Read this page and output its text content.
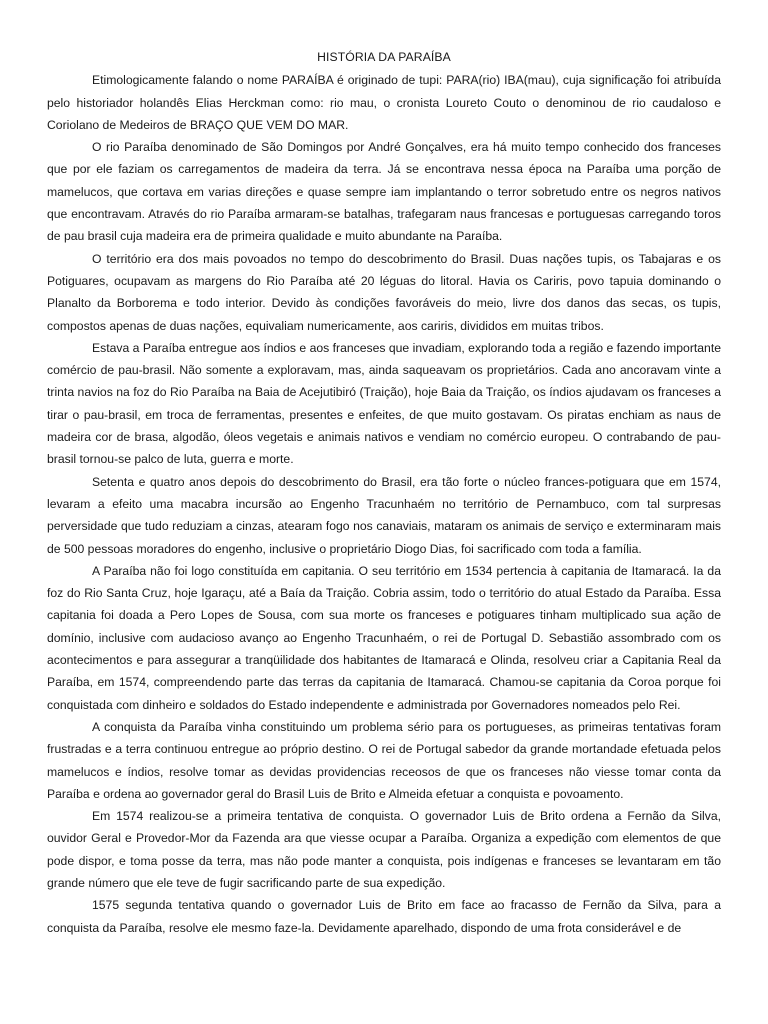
HISTÓRIA DA PARAÍBA

Etimologicamente falando o nome PARAÍBA é originado de tupi: PARA(rio) IBA(mau), cuja significação foi atribuída pelo historiador holandês Elias Herckman como: rio mau, o cronista Loureto Couto o denominou de rio caudaloso e Coriolano de Medeiros de BRAÇO QUE VEM DO MAR.

O rio Paraíba denominado de São Domingos por André Gonçalves, era há muito tempo conhecido dos franceses que por ele faziam os carregamentos de madeira da terra. Já se encontrava nessa época na Paraíba uma porção de mamelucos, que cortava em varias direções e quase sempre iam implantando o terror sobretudo entre os negros nativos que encontravam. Através do rio Paraíba armaram-se batalhas, trafegaram naus francesas e portuguesas carregando toros de pau brasil cuja madeira era de primeira qualidade e muito abundante na Paraíba.

O território era dos mais povoados no tempo do descobrimento do Brasil. Duas nações tupis, os Tabajaras e os Potiguares, ocupavam as margens do Rio Paraíba até 20 léguas do litoral. Havia os Cariris, povo tapuia dominando o Planalto da Borborema e todo interior. Devido às condições favoráveis do meio, livre dos danos das secas, os tupis, compostos apenas de duas nações, equivaliam numericamente, aos cariris, divididos em muitas tribos.

Estava a Paraíba entregue aos índios e aos franceses que invadiam, explorando toda a região e fazendo importante comércio de pau-brasil. Não somente a exploravam, mas, ainda saqueavam os proprietários. Cada ano ancoravam vinte a trinta navios na foz do Rio Paraíba na Baia de Acejutibiró (Traição), hoje Baia da Traição, os índios ajudavam os franceses a tirar o pau-brasil, em troca de ferramentas, presentes e enfeites, de que muito gostavam. Os piratas enchiam as naus de madeira cor de brasa, algodão, óleos vegetais e animais nativos e vendiam no comércio europeu. O contrabando de pau-brasil tornou-se palco de luta, guerra e morte.

Setenta e quatro anos depois do descobrimento do Brasil, era tão forte o núcleo frances-potiguara que em 1574, levaram a efeito uma macabra incursão ao Engenho Tracunhaém no território de Pernambuco, com tal surpresas perversidade que tudo reduziam a cinzas, atearam fogo nos canaviais, mataram os animais de serviço e exterminaram mais de 500 pessoas moradores do engenho, inclusive o proprietário Diogo Dias, foi sacrificado com toda a família.

A Paraíba não foi logo constituída em capitania. O seu território em 1534 pertencia à capitania de Itamaracá. Ia da foz do Rio Santa Cruz, hoje Igaraçu, até a Baía da Traição. Cobria assim, todo o território do atual Estado da Paraíba. Essa capitania foi doada a Pero Lopes de Sousa, com sua morte os franceses e potiguares tinham multiplicado sua ação de domínio, inclusive com audacioso avanço ao Engenho Tracunhaém, o rei de Portugal D. Sebastião assombrado com os acontecimentos e para assegurar a tranqüilidade dos habitantes de Itamaracá e Olinda, resolveu criar a Capitania Real da Paraíba, em 1574, compreendendo parte das terras da capitania de Itamaracá. Chamou-se capitania da Coroa porque foi conquistada com dinheiro e soldados do Estado independente e administrada por Governadores nomeados pelo Rei.

A conquista da Paraíba vinha constituindo um problema sério para os portugueses, as primeiras tentativas foram frustradas e a terra continuou entregue ao próprio destino. O rei de Portugal sabedor da grande mortandade efetuada pelos mamelucos e índios, resolve tomar as devidas providencias receosos de que os franceses não viesse tomar conta da Paraíba e ordena ao governador geral do Brasil Luis de Brito e Almeida efetuar a conquista e povoamento.

Em 1574 realizou-se a primeira tentativa de conquista. O governador Luis de Brito ordena a Fernão da Silva, ouvidor Geral e Provedor-Mor da Fazenda ara que viesse ocupar a Paraíba. Organiza a expedição com elementos de que pode dispor, e toma posse da terra, mas não pode manter a conquista, pois indígenas e franceses se levantaram em tão grande número que ele teve de fugir sacrificando parte de sua expedição.

1575 segunda tentativa quando o governador Luis de Brito em face ao fracasso de Fernão da Silva, para a conquista da Paraíba, resolve ele mesmo faze-la. Devidamente aparelhado, dispondo de uma frota considerável e de
